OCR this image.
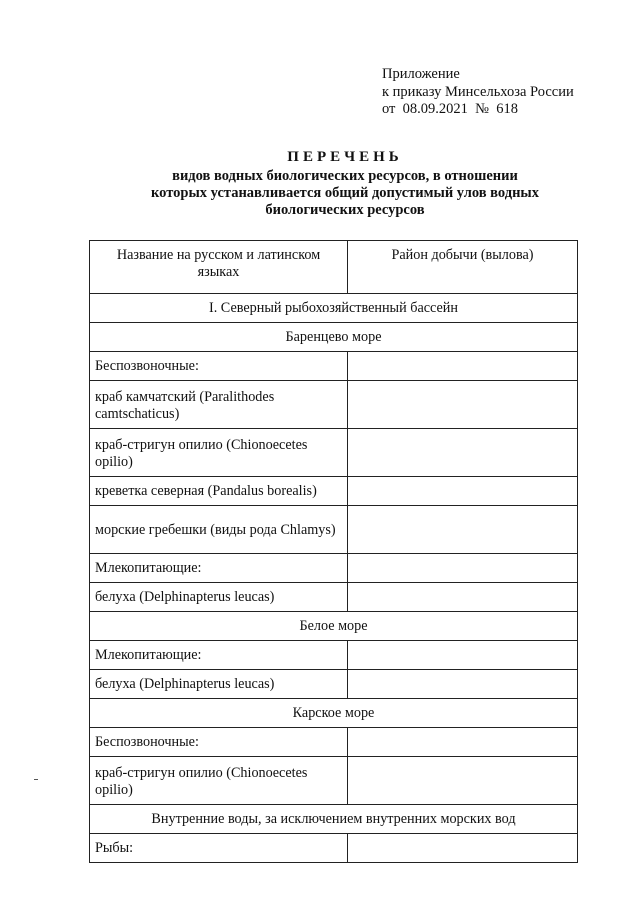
Приложение
к приказу Минсельхоза России
от  08.09.2021  №  618
ПЕРЕЧЕНЬ
видов водных биологических ресурсов, в отношении
которых устанавливается общий допустимый улов водных
биологических ресурсов
Название на русском и латинском языках	Район добычи (вылова)
I. Северный рыбохозяйственный бассейн	
Баренцево море	
Беспозвоночные:	
краб камчатский (Paralithodes camtschaticus)	
краб-стригун опилио (Chionoecetes opilio)	
креветка северная (Pandalus borealis)	
морские гребешки (виды рода Chlamys)	
Млекопитающие:	
белуха (Delphinapterus leucas)	
Белое море	
Млекопитающие:	
белуха (Delphinapterus leucas)	
Карское море	
Беспозвоночные:	
краб-стригун опилио (Chionoecetes opilio)	
Внутренние воды, за исключением внутренних морских вод	
Рыбы:	
